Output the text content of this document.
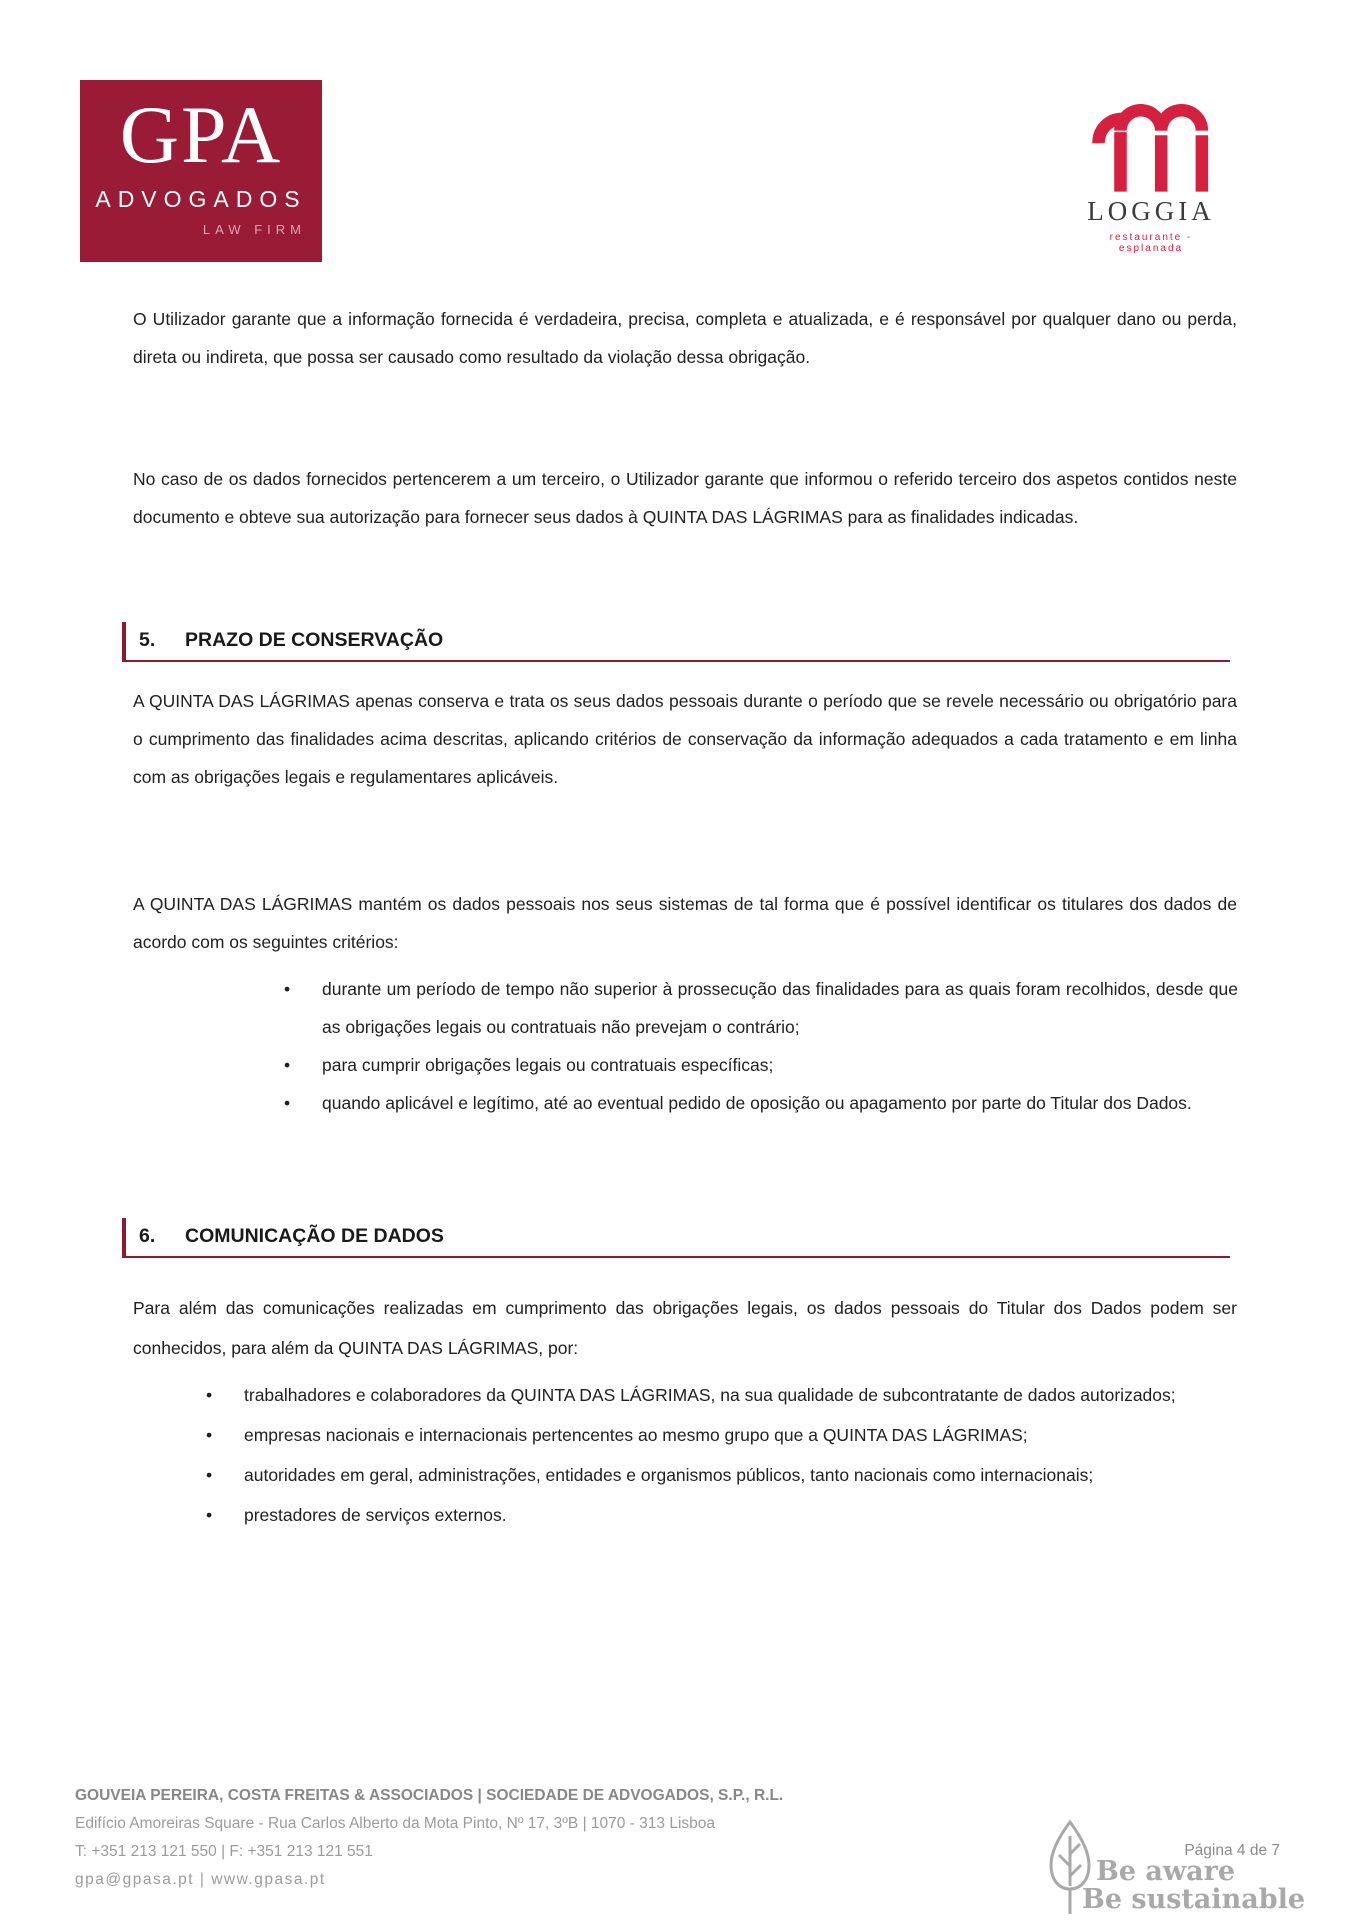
GPA
ADVOGADOS
LAW FIRM
LOGGIA
restaurante - esplanada
O Utilizador garante que a informação fornecida é verdadeira, precisa, completa e atualizada, e é responsável por qualquer dano ou perda, direta ou indireta, que possa ser causado como resultado da violação dessa obrigação.
No caso de os dados fornecidos pertencerem a um terceiro, o Utilizador garante que informou o referido terceiro dos aspetos contidos neste documento e obteve sua autorização para fornecer seus dados à QUINTA DAS LÁGRIMAS para as finalidades indicadas.
5. PRAZO DE CONSERVAÇÃO
A QUINTA DAS LÁGRIMAS apenas conserva e trata os seus dados pessoais durante o período que se revele necessário ou obrigatório para o cumprimento das finalidades acima descritas, aplicando critérios de conservação da informação adequados a cada tratamento e em linha com as obrigações legais e regulamentares aplicáveis.
A QUINTA DAS LÁGRIMAS mantém os dados pessoais nos seus sistemas de tal forma que é possível identificar os titulares dos dados de acordo com os seguintes critérios:
• durante um período de tempo não superior à prossecução das finalidades para as quais foram recolhidos, desde que as obrigações legais ou contratuais não prevejam o contrário;
• para cumprir obrigações legais ou contratuais específicas;
• quando aplicável e legítimo, até ao eventual pedido de oposição ou apagamento por parte do Titular dos Dados.
6. COMUNICAÇÃO DE DADOS
Para além das comunicações realizadas em cumprimento das obrigações legais, os dados pessoais do Titular dos Dados podem ser conhecidos, para além da QUINTA DAS LÁGRIMAS, por:
• trabalhadores e colaboradores da QUINTA DAS LÁGRIMAS, na sua qualidade de subcontratante de dados autorizados;
• empresas nacionais e internacionais pertencentes ao mesmo grupo que a QUINTA DAS LÁGRIMAS;
• autoridades em geral, administrações, entidades e organismos públicos, tanto nacionais como internacionais;
• prestadores de serviços externos.
GOUVEIA PEREIRA, COSTA FREITAS & ASSOCIADOS | SOCIEDADE DE ADVOGADOS, S.P., R.L.
Edifício Amoreiras Square - Rua Carlos Alberto da Mota Pinto, Nº 17, 3ºB | 1070 - 313 Lisboa
T: +351 213 121 550 | F: +351 213 121 551
gpa@gpasa.pt | www.gpasa.pt
Página 4 de 7
Be aware
Be sustainable
